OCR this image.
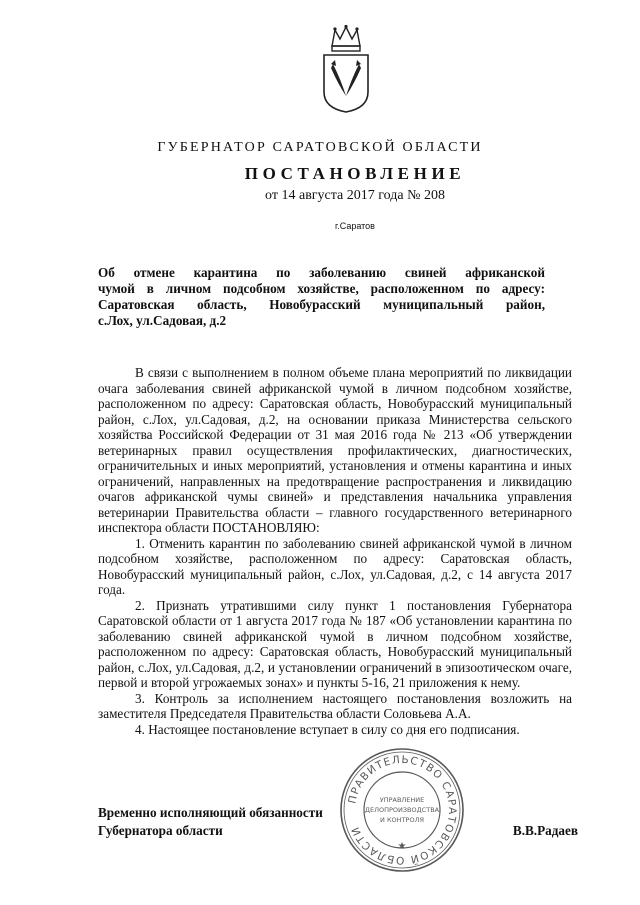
ГУБЕРНАТОР САРАТОВСКОЙ ОБЛАСТИ
ПОСТАНОВЛЕНИЕ
от 14 августа 2017 года № 208
г.Саратов
Об отмене карантина по заболеванию свиней африканской
чумой в личном подсобном хозяйстве, расположенном по адресу:
Саратовская область, Новобурасский муниципальный район,
с.Лох, ул.Садовая, д.2

В связи с выполнением в полном объеме плана мероприятий по ликвидации очага заболевания свиней африканской чумой в личном подсобном хозяйстве, расположенном по адресу: Саратовская область, Новобурасский муниципальный район, с.Лох, ул.Садовая, д.2, на основании приказа Министерства сельского хозяйства Российской Федерации от 31 мая 2016 года № 213 «Об утверждении ветеринарных правил осуществления профилактических, диагностических, ограничительных и иных мероприятий, установления и отмены карантина и иных ограничений, направленных на предотвращение распространения и ликвидацию очагов африканской чумы свиней» и представления начальника управления ветеринарии Правительства области – главного государственного ветеринарного инспектора области ПОСТАНОВЛЯЮ:

1. Отменить карантин по заболеванию свиней африканской чумой в личном подсобном хозяйстве, расположенном по адресу: Саратовская область, Новобурасский муниципальный район, с.Лох, ул.Садовая, д.2, с 14 августа 2017 года.

2. Признать утратившими силу пункт 1 постановления Губернатора Саратовской области от 1 августа 2017 года № 187 «Об установлении карантина по заболеванию свиней африканской чумой в личном подсобном хозяйстве, расположенном по адресу: Саратовская область, Новобурасский муниципальный район, с.Лох, ул.Садовая, д.2, и установлении ограничений в эпизоотическом очаге, первой и второй угрожаемых зонах» и пункты 5-16, 21 приложения к нему.

3. Контроль за исполнением настоящего постановления возложить на заместителя Председателя Правительства области Соловьева А.А.

4. Настоящее постановление вступает в силу со дня его подписания.

ПРАВИТЕЛЬСТВО САРАТОВСКОЙ ОБЛАСТИ
УПРАВЛЕНИЕ
ДЕЛОПРОИЗВОДСТВА
И КОНТРОЛЯ
★
Временно исполняющий обязанности
Губернатора области	В.В.Радаев
